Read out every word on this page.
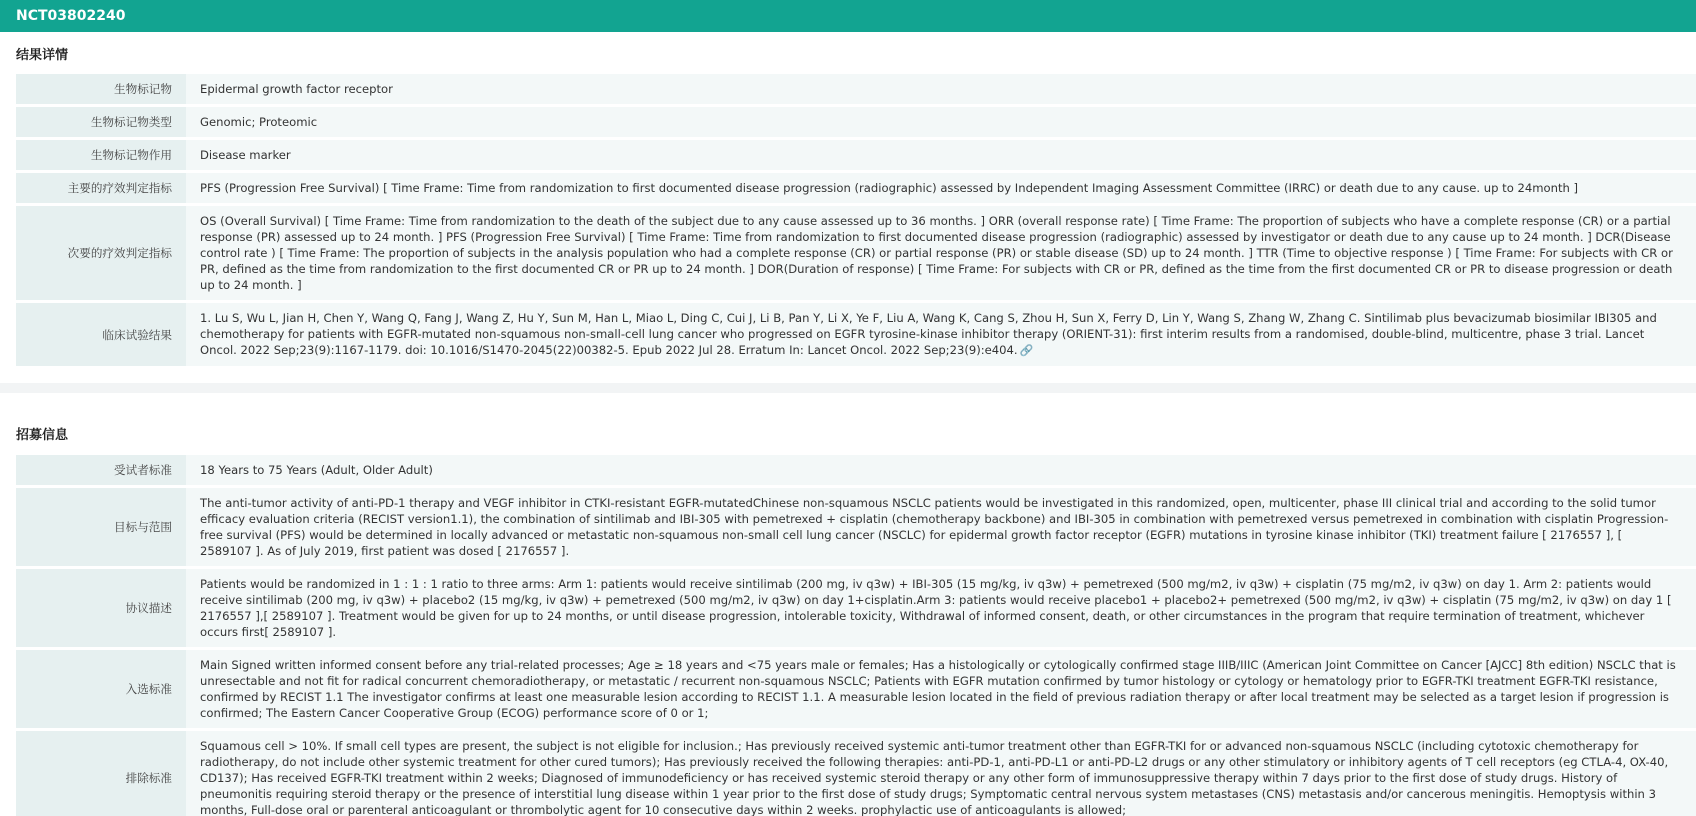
NCT03802240
结果详情
生物标记物	Epidermal growth factor receptor
生物标记物类型	Genomic; Proteomic
生物标记物作用	Disease marker
主要的疗效判定指标	PFS (Progression Free Survival) [ Time Frame: Time from randomization to first documented disease progression (radiographic) assessed by Independent Imaging Assessment Committee (IRRC) or death due to any cause. up to 24month ]
次要的疗效判定指标	OS (Overall Survival) [ Time Frame: Time from randomization to the death of the subject due to any cause assessed up to 36 months. ] ORR (overall response rate) [ Time Frame: The proportion of subjects who have a complete response (CR) or a partial response (PR) assessed up to 24 month. ] PFS (Progression Free Survival) [ Time Frame: Time from randomization to first documented disease progression (radiographic) assessed by investigator or death due to any cause up to 24 month. ] DCR(Disease control rate ) [ Time Frame: The proportion of subjects in the analysis population who had a complete response (CR) or partial response (PR) or stable disease (SD) up to 24 month. ] TTR (Time to objective response ) [ Time Frame: For subjects with CR or PR, defined as the time from randomization to the first documented CR or PR up to 24 month. ] DOR(Duration of response) [ Time Frame: For subjects with CR or PR, defined as the time from the first documented CR or PR to disease progression or death up to 24 month. ]
临床试验结果	1. Lu S, Wu L, Jian H, Chen Y, Wang Q, Fang J, Wang Z, Hu Y, Sun M, Han L, Miao L, Ding C, Cui J, Li B, Pan Y, Li X, Ye F, Liu A, Wang K, Cang S, Zhou H, Sun X, Ferry D, Lin Y, Wang S, Zhang W, Zhang C. Sintilimab plus bevacizumab biosimilar IBI305 and chemotherapy for patients with EGFR-mutated non-squamous non-small-cell lung cancer who progressed on EGFR tyrosine-kinase inhibitor therapy (ORIENT-31): first interim results from a randomised, double-blind, multicentre, phase 3 trial. Lancet Oncol. 2022 Sep;23(9):1167-1179. doi: 10.1016/S1470-2045(22)00382-5. Epub 2022 Jul 28. Erratum In: Lancet Oncol. 2022 Sep;23(9):e404. 🔗
招募信息
受试者标准	18 Years to 75 Years (Adult, Older Adult)
目标与范围	The anti-tumor activity of anti-PD-1 therapy and VEGF inhibitor in CTKI-resistant EGFR-mutatedChinese non-squamous NSCLC patients would be investigated in this randomized, open, multicenter, phase III clinical trial and according to the solid tumor efficacy evaluation criteria (RECIST version1.1), the combination of sintilimab and IBI-305 with pemetrexed + cisplatin (chemotherapy backbone) and IBI-305 in combination with pemetrexed versus pemetrexed in combination with cisplatin Progression-free survival (PFS) would be determined in locally advanced or metastatic non-squamous non-small cell lung cancer (NSCLC) for epidermal growth factor receptor (EGFR) mutations in tyrosine kinase inhibitor (TKI) treatment failure [ 2176557 ], [ 2589107 ]. As of July 2019, first patient was dosed [ 2176557 ].
协议描述	Patients would be randomized in 1 : 1 : 1 ratio to three arms: Arm 1: patients would receive sintilimab (200 mg, iv q3w) + IBI-305 (15 mg/kg, iv q3w) + pemetrexed (500 mg/m2, iv q3w) + cisplatin (75 mg/m2, iv q3w) on day 1. Arm 2: patients would receive sintilimab (200 mg, iv q3w) + placebo2 (15 mg/kg, iv q3w) + pemetrexed (500 mg/m2, iv q3w) on day 1+cisplatin.Arm 3: patients would receive placebo1 + placebo2+ pemetrexed (500 mg/m2, iv q3w) + cisplatin (75 mg/m2, iv q3w) on day 1 [ 2176557 ],[ 2589107 ]. Treatment would be given for up to 24 months, or until disease progression, intolerable toxicity, Withdrawal of informed consent, death, or other circumstances in the program that require termination of treatment, whichever occurs first[ 2589107 ].
入选标准	Main Signed written informed consent before any trial-related processes; Age ≥ 18 years and <75 years male or females; Has a histologically or cytologically confirmed stage IIIB/IIIC (American Joint Committee on Cancer [AJCC] 8th edition) NSCLC that is unresectable and not fit for radical concurrent chemoradiotherapy, or metastatic / recurrent non-squamous NSCLC; Patients with EGFR mutation confirmed by tumor histology or cytology or hematology prior to EGFR-TKI treatment EGFR-TKI resistance, confirmed by RECIST 1.1 The investigator confirms at least one measurable lesion according to RECIST 1.1. A measurable lesion located in the field of previous radiation therapy or after local treatment may be selected as a target lesion if progression is confirmed; The Eastern Cancer Cooperative Group (ECOG) performance score of 0 or 1;
排除标准	Squamous cell > 10%. If small cell types are present, the subject is not eligible for inclusion.; Has previously received systemic anti-tumor treatment other than EGFR-TKI for or advanced non-squamous NSCLC (including cytotoxic chemotherapy for radiotherapy, do not include other systemic treatment for other cured tumors); Has previously received the following therapies: anti-PD-1, anti-PD-L1 or anti-PD-L2 drugs or any other stimulatory or inhibitory agents of T cell receptors (eg CTLA-4, OX-40, CD137); Has received EGFR-TKI treatment within 2 weeks; Diagnosed of immunodeficiency or has received systemic steroid therapy or any other form of immunosuppressive therapy within 7 days prior to the first dose of study drugs. History of pneumonitis requiring steroid therapy or the presence of interstitial lung disease within 1 year prior to the first dose of study drugs; Symptomatic central nervous system metastases (CNS) metastasis and/or cancerous meningitis. Hemoptysis within 3 months, Full-dose oral or parenteral anticoagulant or thrombolytic agent for 10 consecutive days within 2 weeks. prophylactic use of anticoagulants is allowed;
